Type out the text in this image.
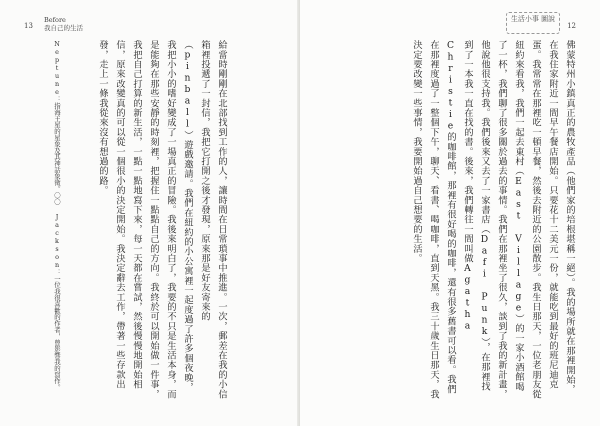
13
Before
我自己的生活
給當時剛剛在北部找到工作的人，讓時間在日常瑣事中推進。一次，郵差在我的小信箱裡投遞了一封信，我把它打開之後才發現，原來那是好友寄來的（pinball）遊戲邀請。我們在紐約的小公寓裡一起度過了許多個夜晚，我把小小的嗜好變成了一場真正的冒險。我後來明白了，我要的不只是生活本身，而是能夠在那些安靜的時刻裡，把握住一點點自己的方向。我終於可以開始做一件事，我把自己打算的新生活，一點一點地寫下來，每一天都在嘗試，然後慢慢地開始相信，原來改變真的可以從一個很小的決定開始。我決定辭去工作，帶著一些存款出發，走上一條我從來沒有想過的路。
Neptune：指海王星的星象及其神話象徵。〇〇 Jackson：一位我很喜歡的作者，曾影響我的寫作。
12
生活小事 圖說
佛蒙特州小鎮真正的農牧產品（他們家的培根堪稱一絕）。我的場所就在那裡開始，在我住家附近一間早午餐店開始。只要花十二美元一份，就能吃到最好的班尼迪克蛋。我常常在那裡吃一頓早餐，然後去附近的公園散步。我生日那天，一位老朋友從紐約來看我，我們一起去東村（East Village）的一家小酒館喝了一杯，我們聊了很多關於過去的事情。我們在那裡坐了很久，談到了我的新計畫，他說他很支持我。我們後來又去了一家書店（Dafi Punk），在那裡找到了一本我一直在找的書。後來，我們轉往一間叫做Agatha Christie的咖啡館，那裡有很好喝的咖啡，還有很多舊書可以看。我們在那裡度過了一整個下午，聊天、看書、喝咖啡，直到天黑。我三十歲生日那天，我決定要改變一些事情，我要開始過自己想要的生活。
